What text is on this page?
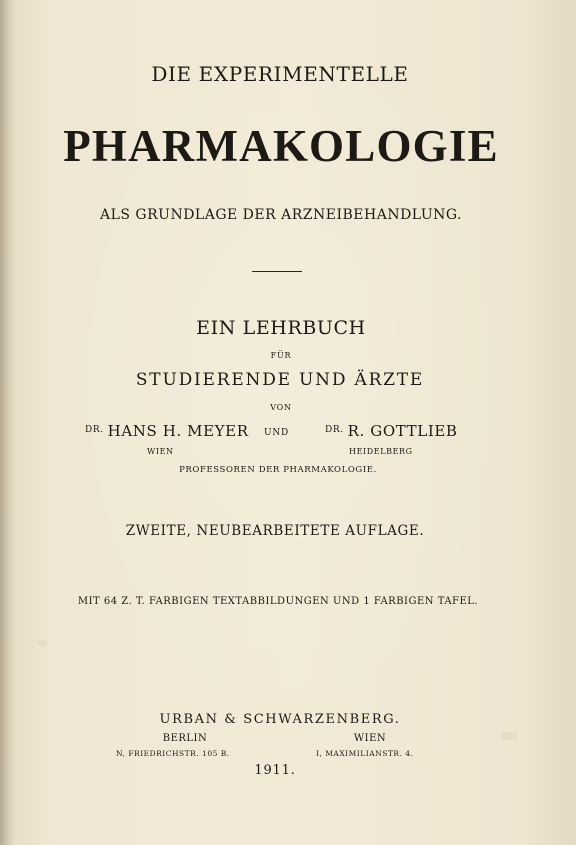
DIE EXPERIMENTELLE
PHARMAKOLOGIE
ALS GRUNDLAGE DER ARZNEIBEHANDLUNG.
EIN LEHRBUCH
FÜR
STUDIERENDE UND ÄRZTE
VON
$^{DR.}$ HANS H. MEYER UND	$^{DR.}$ R. GOTTLIEB
WIEN	HEIDELBERG
PROFESSOREN DER PHARMAKOLOGIE.
ZWEITE, NEUBEARBEITETE AUFLAGE.
MIT 64 Z. T. FARBIGEN TEXTABBILDUNGEN UND 1 FARBIGEN TAFEL.
URBAN & SCHWARZENBERG.
BERLIN	WIEN
N, FRIEDRICHSTR. 105 B.	I, MAXIMILIANSTR. 4.
1911.
